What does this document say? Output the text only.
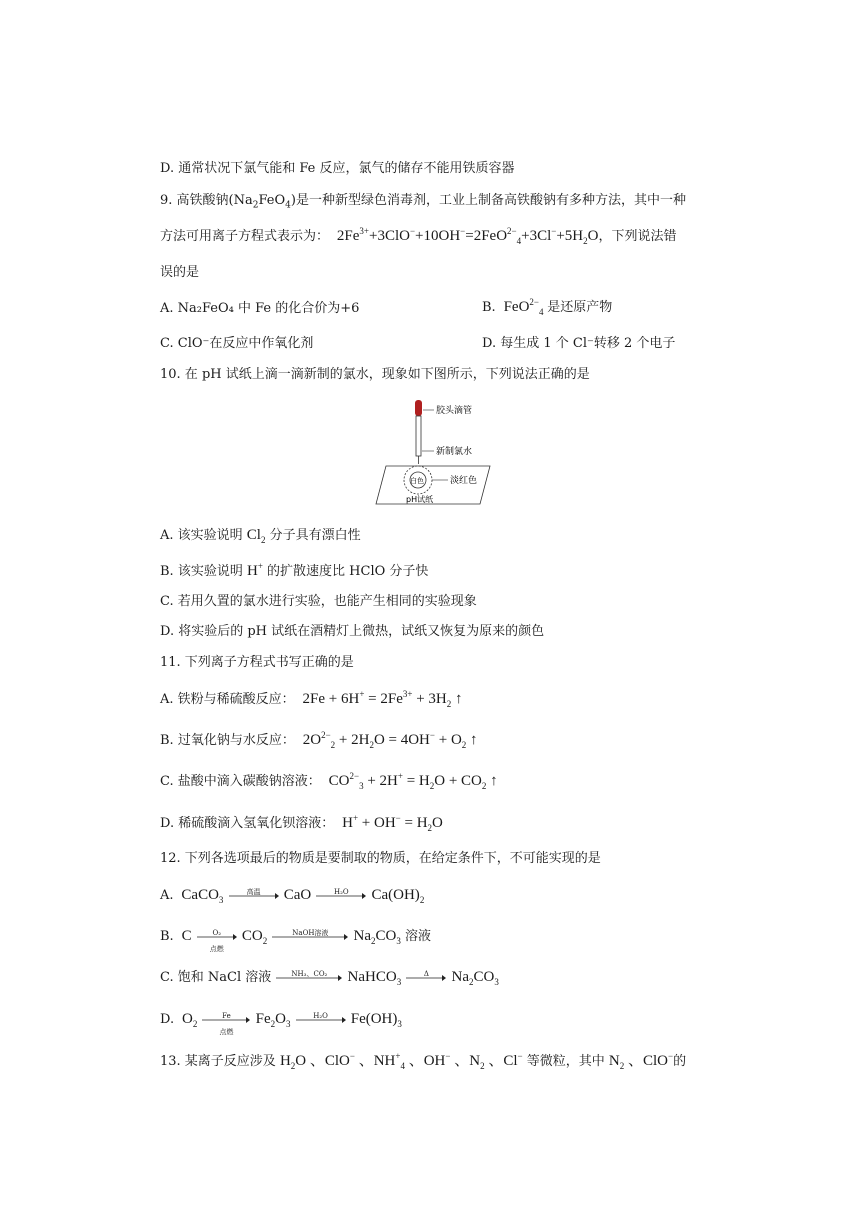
D. 通常状况下氯气能和 Fe 反应，氯气的储存不能用铁质容器
9. 高铁酸钠$(Na_2FeO_4)$是一种新型绿色消毒剂，工业上制备高铁酸钠有多种方法，其中一种
方法可用离子方程式表示为：  $2Fe^{3+}+3ClO^-+10OH^-=2FeO^{2-}_4+3Cl^-+5H_2O$，下列说法错
误的是
A. Na₂FeO₄ 中 Fe 的化合价为+6	B.  FeO$^{2-}_4$ 是还原产物
C. ClO⁻在反应中作氧化剂	D. 每生成 1 个 Cl⁻转移 2 个电子
10. 在 pH 试纸上滴一滴新制的氯水，现象如下图所示，下列说法正确的是
胶头滴管
新制氯水
白色	淡红色
pH试纸
A. 该实验说明 $Cl_2$ 分子具有漂白性
B. 该实验说明 H+ 的扩散速度比 HClO 分子快
C. 若用久置的氯水进行实验，也能产生相同的实验现象
D. 将实验后的 pH 试纸在酒精灯上微热，试纸又恢复为原来的颜色
11. 下列离子方程式书写正确的是
A. 铁粉与稀硫酸反应：  $2Fe + 6H^+ = 2Fe^{3+} + 3H_2$ ↑
B. 过氧化钠与水反应：  $2O^{2-}_2 + 2H_2O = 4OH^- + O_2$ ↑
C. 盐酸中滴入碳酸钠溶液：  $CO^{2-}_3 + 2H^+ = H_2O + CO_2$ ↑
D. 稀硫酸滴入氢氧化钡溶液：  $H^+ + OH^- = H_2O$
12. 下列各选项最后的物质是要制取的物质，在给定条件下，不可能实现的是
A.  CaCO$_3$
高温	CaO	H₂O	$Ca(OH)_2$
B.  C	O₂
点燃
$CO_2$
NaOH溶液	$Na_2CO_3$ 溶液
C. 饱和 NaCl 溶液	NH₃、CO₂	NaHCO$_3$
Δ	$Na_2CO_3$
D.  $O_2$
Fe
点燃
$Fe_2O_3$
H₂O	$Fe(OH)_3$
13. 某离子反应涉及 $H_2O$ 、ClO− 、$NH^+_4$ 、OH− 、$N_2$ 、Cl− 等微粒，其中 $N_2$ 、ClO−的
